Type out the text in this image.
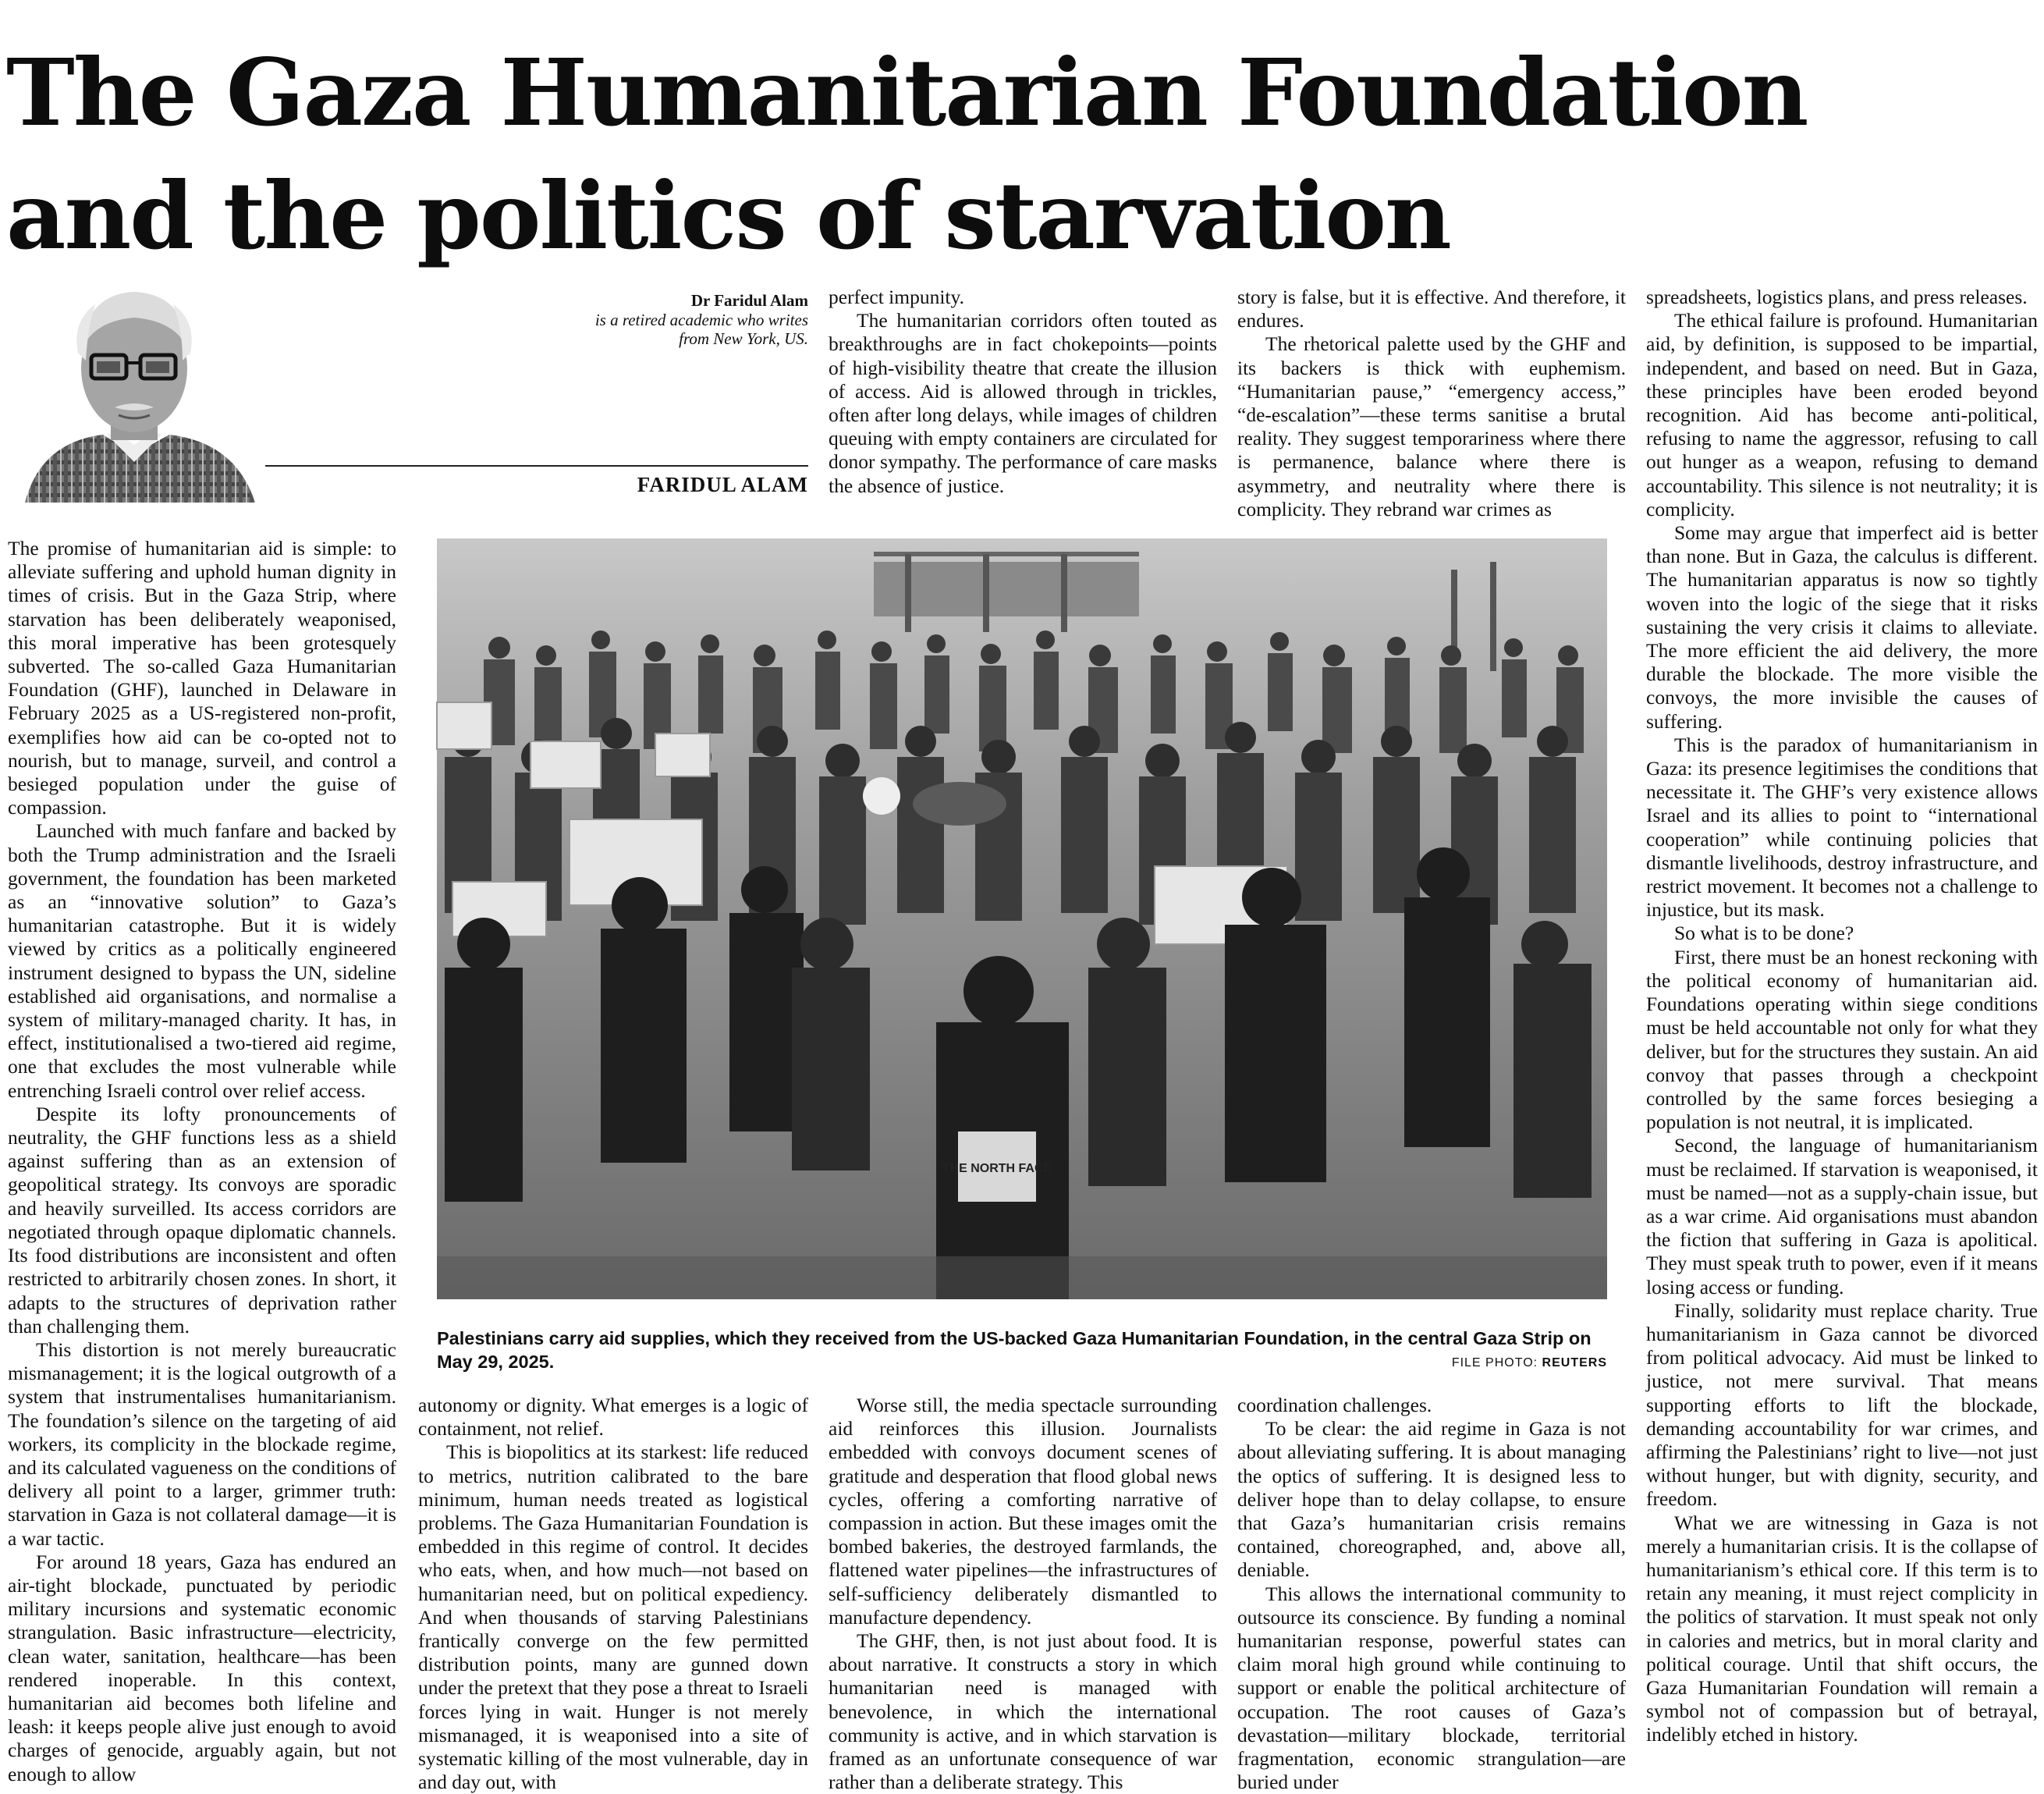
The Gaza Humanitarian Foundation
and the politics of starvation
Dr Faridul Alam
is a retired academic who writes
from New York, US.
FARIDUL ALAM

The promise of humanitarian aid is simple: to alleviate suffering and uphold human dignity in times of crisis. But in the Gaza Strip, where starvation has been deliberately weaponised, this moral imperative has been grotesquely subverted. The so-called Gaza Humanitarian Foundation (GHF), launched in Delaware in February 2025 as a US-registered non-profit, exemplifies how aid can be co-opted not to nourish, but to manage, surveil, and control a besieged population under the guise of compassion.

Launched with much fanfare and backed by both the Trump administration and the Israeli government, the foundation has been marketed as an “innovative solution” to Gaza’s humanitarian catastrophe. But it is widely viewed by critics as a politically engineered instrument designed to bypass the UN, sideline established aid organisations, and normalise a system of military-managed charity. It has, in effect, institutionalised a two-tiered aid regime, one that excludes the most vulnerable while entrenching Israeli control over relief access.

Despite its lofty pronouncements of neutrality, the GHF functions less as a shield against suffering than as an extension of geopolitical strategy. Its convoys are sporadic and heavily surveilled. Its access corridors are negotiated through opaque diplomatic channels. Its food distributions are inconsistent and often restricted to arbitrarily chosen zones. In short, it adapts to the structures of deprivation rather than challenging them.

This distortion is not merely bureaucratic mismanagement; it is the logical outgrowth of a system that instrumentalises humanitarianism. The foundation’s silence on the targeting of aid workers, its complicity in the blockade regime, and its calculated vagueness on the conditions of delivery all point to a larger, grimmer truth: starvation in Gaza is not collateral damage—it is a war tactic.

For around 18 years, Gaza has endured an air-tight blockade, punctuated by periodic military incursions and systematic economic strangulation. Basic infrastructure—electricity, clean water, sanitation, healthcare—has been rendered inoperable. In this context, humanitarian aid becomes both lifeline and leash: it keeps people alive just enough to avoid charges of genocide, arguably again, but not enough to allow

perfect impunity.

The humanitarian corridors often touted as breakthroughs are in fact chokepoints—points of high-visibility theatre that create the illusion of access. Aid is allowed through in trickles, often after long delays, while images of children queuing with empty containers are circulated for donor sympathy. The performance of care masks the absence of justice.

story is false, but it is effective. And therefore, it endures.

The rhetorical palette used by the GHF and its backers is thick with euphemism. “Humanitarian pause,” “emergency access,” “de-escalation”—these terms sanitise a brutal reality. They suggest temporariness where there is permanence, balance where there is asymmetry, and neutrality where there is complicity. They rebrand war crimes as

THE NORTH FACE
Palestinians carry aid supplies, which they received from the US-backed Gaza Humanitarian Foundation, in the central Gaza Strip on May 29, 2025.	FILE PHOTO: REUTERS

autonomy or dignity. What emerges is a logic of containment, not relief.

This is biopolitics at its starkest: life reduced to metrics, nutrition calibrated to the bare minimum, human needs treated as logistical problems. The Gaza Humanitarian Foundation is embedded in this regime of control. It decides who eats, when, and how much—not based on humanitarian need, but on political expediency. And when thousands of starving Palestinians frantically converge on the few permitted distribution points, many are gunned down under the pretext that they pose a threat to Israeli forces lying in wait. Hunger is not merely mismanaged, it is weaponised into a site of systematic killing of the most vulnerable, day in and day out, with

Worse still, the media spectacle surrounding aid reinforces this illusion. Journalists embedded with convoys document scenes of gratitude and desperation that flood global news cycles, offering a comforting narrative of compassion in action. But these images omit the bombed bakeries, the destroyed farmlands, the flattened water pipelines—the infrastructures of self-sufficiency deliberately dismantled to manufacture dependency.

The GHF, then, is not just about food. It is about narrative. It constructs a story in which humanitarian need is managed with benevolence, in which the international community is active, and in which starvation is framed as an unfortunate consequence of war rather than a deliberate strategy. This

coordination challenges.

To be clear: the aid regime in Gaza is not about alleviating suffering. It is about managing the optics of suffering. It is designed less to deliver hope than to delay collapse, to ensure that Gaza’s humanitarian crisis remains contained, choreographed, and, above all, deniable.

This allows the international community to outsource its conscience. By funding a nominal humanitarian response, powerful states can claim moral high ground while continuing to support or enable the political architecture of occupation. The root causes of Gaza’s devastation—military blockade, territorial fragmentation, economic strangulation—are buried under

spreadsheets, logistics plans, and press releases.

The ethical failure is profound. Humanitarian aid, by definition, is supposed to be impartial, independent, and based on need. But in Gaza, these principles have been eroded beyond recognition. Aid has become anti-political, refusing to name the aggressor, refusing to call out hunger as a weapon, refusing to demand accountability. This silence is not neutrality; it is complicity.

Some may argue that imperfect aid is better than none. But in Gaza, the calculus is different. The humanitarian apparatus is now so tightly woven into the logic of the siege that it risks sustaining the very crisis it claims to alleviate. The more efficient the aid delivery, the more durable the blockade. The more visible the convoys, the more invisible the causes of suffering.

This is the paradox of humanitarianism in Gaza: its presence legitimises the conditions that necessitate it. The GHF’s very existence allows Israel and its allies to point to “international cooperation” while continuing policies that dismantle livelihoods, destroy infrastructure, and restrict movement. It becomes not a challenge to injustice, but its mask.

So what is to be done?

First, there must be an honest reckoning with the political economy of humanitarian aid. Foundations operating within siege conditions must be held accountable not only for what they deliver, but for the structures they sustain. An aid convoy that passes through a checkpoint controlled by the same forces besieging a population is not neutral, it is implicated.

Second, the language of humanitarianism must be reclaimed. If starvation is weaponised, it must be named—not as a supply-chain issue, but as a war crime. Aid organisations must abandon the fiction that suffering in Gaza is apolitical. They must speak truth to power, even if it means losing access or funding.

Finally, solidarity must replace charity. True humanitarianism in Gaza cannot be divorced from political advocacy. Aid must be linked to justice, not mere survival. That means supporting efforts to lift the blockade, demanding accountability for war crimes, and affirming the Palestinians’ right to live—not just without hunger, but with dignity, security, and freedom.

What we are witnessing in Gaza is not merely a humanitarian crisis. It is the collapse of humanitarianism’s ethical core. If this term is to retain any meaning, it must reject complicity in the politics of starvation. It must speak not only in calories and metrics, but in moral clarity and political courage. Until that shift occurs, the Gaza Humanitarian Foundation will remain a symbol not of compassion but of betrayal, indelibly etched in history.
